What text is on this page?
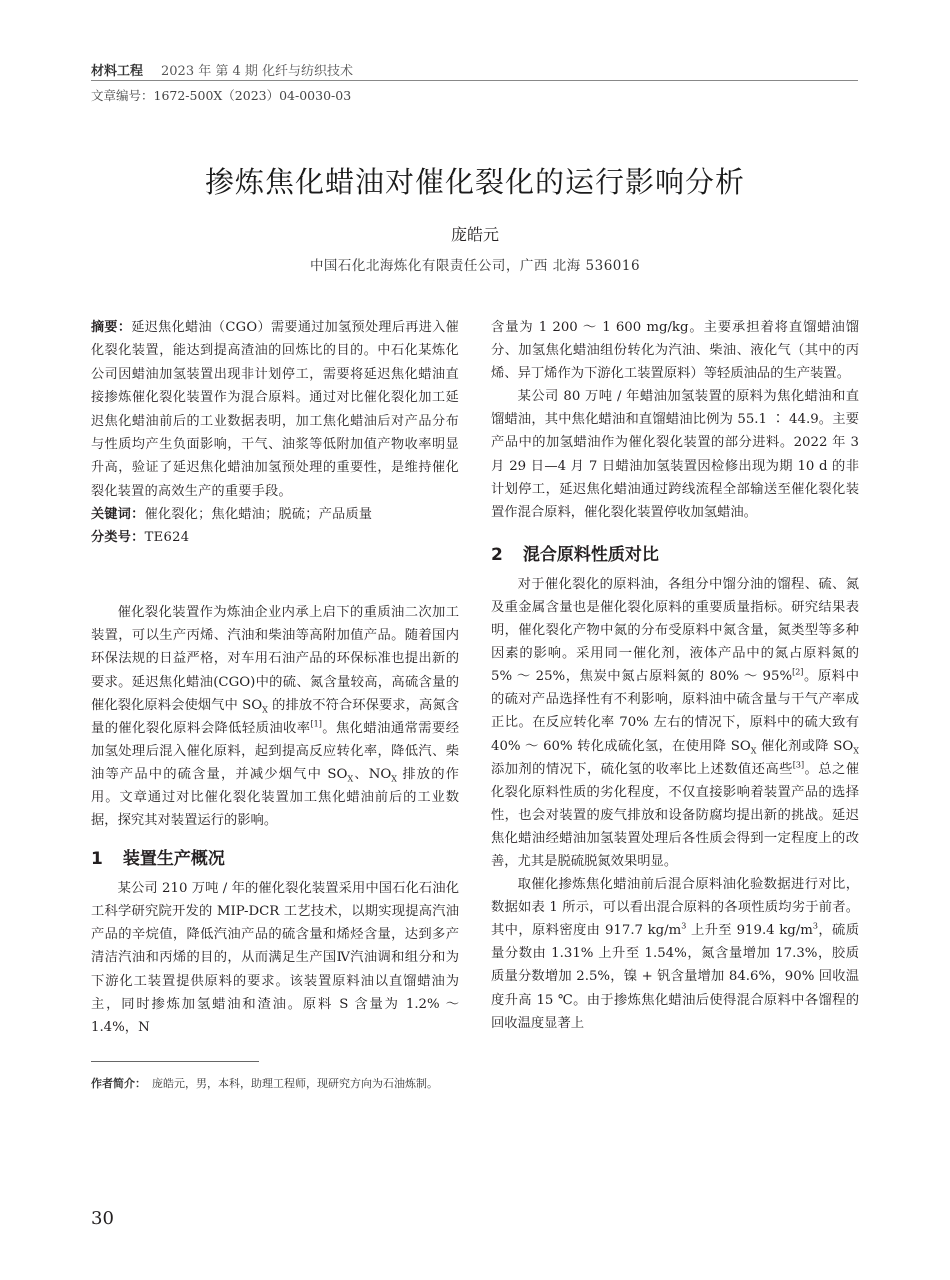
材料工程 2023 年 第 4 期 化纤与纺织技术
文章编号：1672-500X（2023）04-0030-03
掺炼焦化蜡油对催化裂化的运行影响分析
庞皓元
中国石化北海炼化有限责任公司，广西 北海 536016

摘要：延迟焦化蜡油（CGO）需要通过加氢预处理后再进入催化裂化装置，能达到提高渣油的回炼比的目的。中石化某炼化公司因蜡油加氢装置出现非计划停工，需要将延迟焦化蜡油直接掺炼催化裂化装置作为混合原料。通过对比催化裂化加工延迟焦化蜡油前后的工业数据表明，加工焦化蜡油后对产品分布与性质均产生负面影响，干气、油浆等低附加值产物收率明显升高，验证了延迟焦化蜡油加氢预处理的重要性，是维持催化裂化装置的高效生产的重要手段。

关键词：催化裂化；焦化蜡油；脱硫；产品质量

分类号：TE624

催化裂化装置作为炼油企业内承上启下的重质油二次加工装置，可以生产丙烯、汽油和柴油等高附加值产品。随着国内环保法规的日益严格，对车用石油产品的环保标准也提出新的要求。延迟焦化蜡油(CGO)中的硫、氮含量较高，高硫含量的催化裂化原料会使烟气中 $SO_X$ 的排放不符合环保要求，高氮含量的催化裂化原料会降低轻质油收率[1]。焦化蜡油通常需要经加氢处理后混入催化原料，起到提高反应转化率，降低汽、柴油等产品中的硫含量，并减少烟气中 $SO_X$、$NO_X$ 排放的作用。文章通过对比催化裂化装置加工焦化蜡油前后的工业数据，探究其对装置运行的影响。

1 装置生产概况

某公司 210 万吨 / 年的催化裂化装置采用中国石化石油化工科学研究院开发的 MIP-DCR 工艺技术，以期实现提高汽油产品的辛烷值，降低汽油产品的硫含量和烯烃含量，达到多产清洁汽油和丙烯的目的，从而满足生产国Ⅳ汽油调和组分和为下游化工装置提供原料的要求。该装置原料油以直馏蜡油为主，同时掺炼加氢蜡油和渣油。原料 S 含量为 1.2% ～ 1.4%，N

作者简介： 庞皓元，男，本科，助理工程师，现研究方向为石油炼制。

含量为 1 200 ～ 1 600 mg/kg。主要承担着将直馏蜡油馏分、加氢焦化蜡油组份转化为汽油、柴油、液化气（其中的丙烯、异丁烯作为下游化工装置原料）等轻质油品的生产装置。

某公司 80 万吨 / 年蜡油加氢装置的原料为焦化蜡油和直馏蜡油，其中焦化蜡油和直馏蜡油比例为 55.1 ∶ 44.9。主要产品中的加氢蜡油作为催化裂化装置的部分进料。2022 年 3 月 29 日—4 月 7 日蜡油加氢装置因检修出现为期 10 d 的非计划停工，延迟焦化蜡油通过跨线流程全部输送至催化裂化装置作混合原料，催化裂化装置停收加氢蜡油。

2 混合原料性质对比

对于催化裂化的原料油，各组分中馏分油的馏程、硫、氮及重金属含量也是催化裂化原料的重要质量指标。研究结果表明，催化裂化产物中氮的分布受原料中氮含量，氮类型等多种因素的影响。采用同一催化剂，液体产品中的氮占原料氮的 5% ～ 25%，焦炭中氮占原料氮的 80% ～ 95%[2]。原料中的硫对产品选择性有不利影响，原料油中硫含量与干气产率成正比。在反应转化率 70% 左右的情况下，原料中的硫大致有 40% ～ 60% 转化成硫化氢，在使用降 $SO_X$ 催化剂或降 $SO_X$ 添加剂的情况下，硫化氢的收率比上述数值还高些[3]。总之催化裂化原料性质的劣化程度，不仅直接影响着装置产品的选择性，也会对装置的废气排放和设备防腐均提出新的挑战。延迟焦化蜡油经蜡油加氢装置处理后各性质会得到一定程度上的改善，尤其是脱硫脱氮效果明显。

取催化掺炼焦化蜡油前后混合原料油化验数据进行对比，数据如表 1 所示，可以看出混合原料的各项性质均劣于前者。其中，原料密度由 917.7 $kg/m^3$ 上升至 919.4 $kg/m^3$，硫质量分数由 1.31% 上升至 1.54%，氮含量增加 17.3%，胶质质量分数增加 2.5%，镍 + 钒含量增加 84.6%，90% 回收温度升高 15 ℃。由于掺炼焦化蜡油后使得混合原料中各馏程的回收温度显著上

30
